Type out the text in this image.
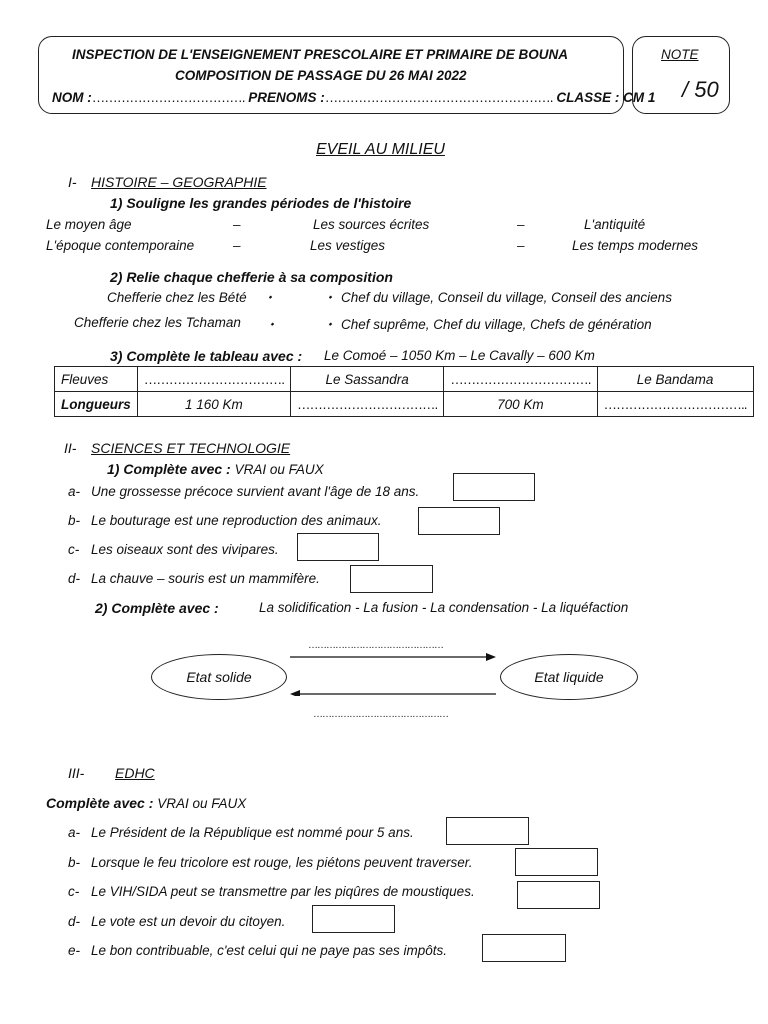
INSPECTION DE L'ENSEIGNEMENT PRESCOLAIRE ET PRIMAIRE DE BOUNA
COMPOSITION DE PASSAGE DU 26 MAI 2022
NOM :………………………………. PRENOMS :………………………………………………. CLASSE : CM 1
NOTE
/ 50
EVEIL AU MILIEU
I- HISTOIRE – GEOGRAPHIE
1) Souligne les grandes périodes de l'histoire
Le moyen âge	–	Les sources écrites	–	L'antiquité
L'époque contemporaine	–	Les vestiges	–	Les temps modernes
2) Relie chaque chefferie à sa composition
Chefferie chez les Bété ⬩	⬩ Chef du village, Conseil du village, Conseil des anciens
Chefferie chez les Tchaman	⬩	⬩ Chef suprême, Chef du village, Chefs de génération
3) Complète le tableau avec : Le Comoé – 1050 Km – Le Cavally – 600 Km
Fleuves	…………………………….	Le Sassandra	…………………………….	Le Bandama
Longueurs	1 160 Km	…………………………….	700 Km	……………………………..
II- SCIENCES ET TECHNOLOGIE
1) Complète avec : VRAI ou FAUX
a- Une grossesse précoce survient avant l'âge de 18 ans.
b- Le bouturage est une reproduction des animaux.
c- Les oiseaux sont des vivipares.
d- La chauve – souris est un mammifère.
2) Complète avec :	La solidification - La fusion - La condensation - La liquéfaction
………………………………………
Etat solide	Etat liquide
………………………………………
III- EDHC
Complète avec : VRAI ou FAUX
a- Le Président de la République est nommé pour 5 ans.
b- Lorsque le feu tricolore est rouge, les piétons peuvent traverser.
c- Le VIH/SIDA peut se transmettre par les piqûres de moustiques.
d- Le vote est un devoir du citoyen.
e- Le bon contribuable, c'est celui qui ne paye pas ses impôts.
